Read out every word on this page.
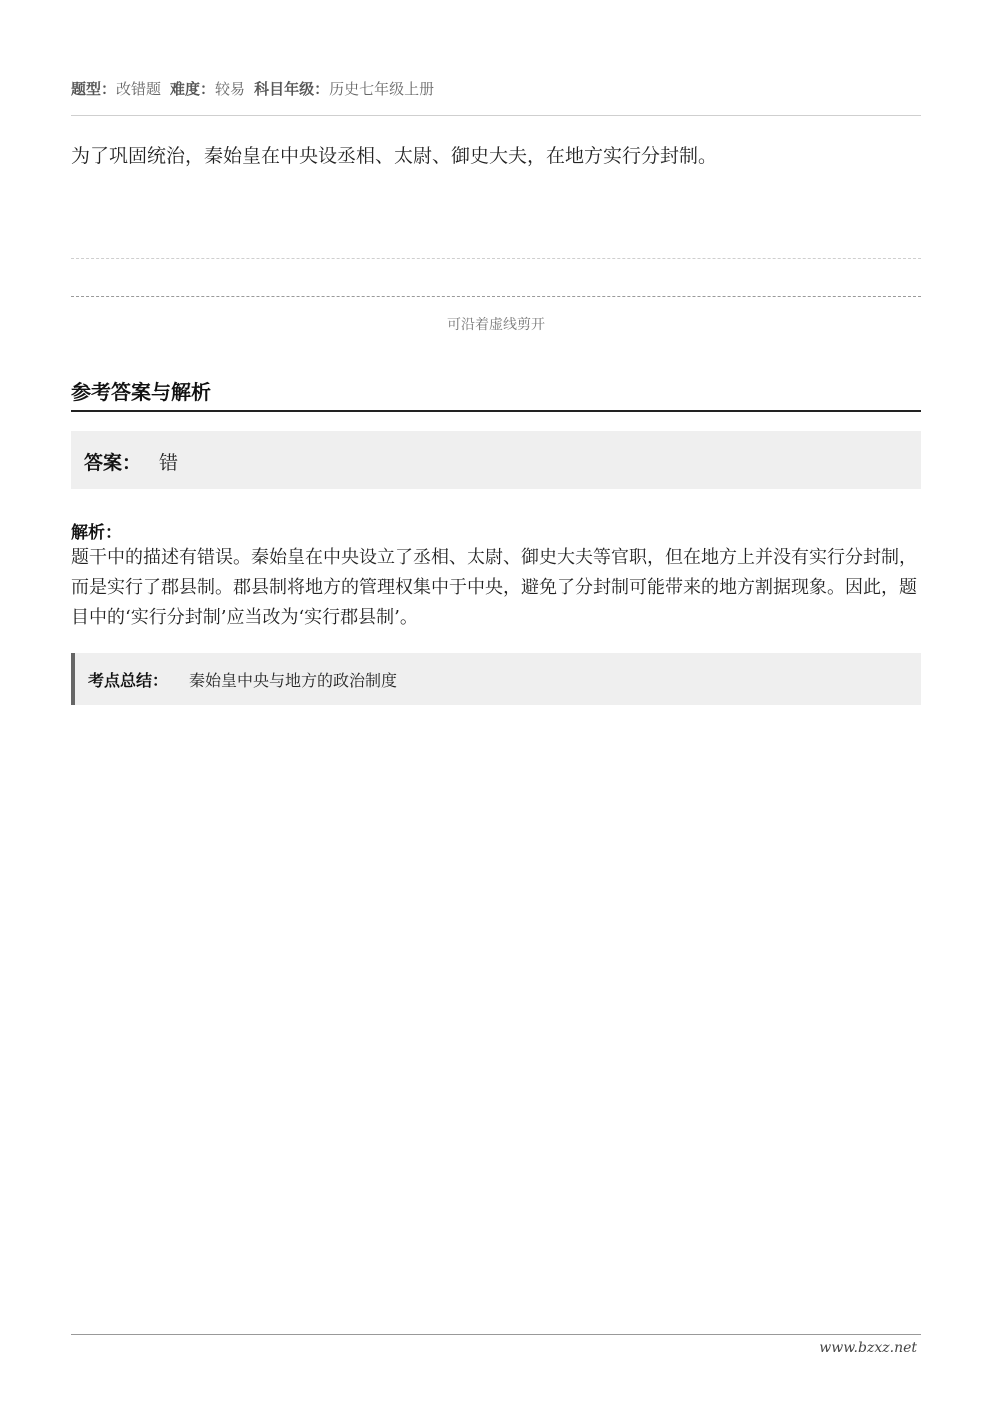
题型：改错题 难度：较易 科目年级：历史七年级上册
为了巩固统治，秦始皇在中央设丞相、太尉、御史大夫，在地方实行分封制。
可沿着虚线剪开
参考答案与解析
答案： 错
解析：
题干中的描述有错误。秦始皇在中央设立了丞相、太尉、御史大夫等官职，但在地方上并没有实行分封制，而是实行了郡县制。郡县制将地方的管理权集中于中央，避免了分封制可能带来的地方割据现象。因此，题目中的‘实行分封制’应当改为‘实行郡县制’。
考点总结： 秦始皇中央与地方的政治制度
www.bzxz.net
